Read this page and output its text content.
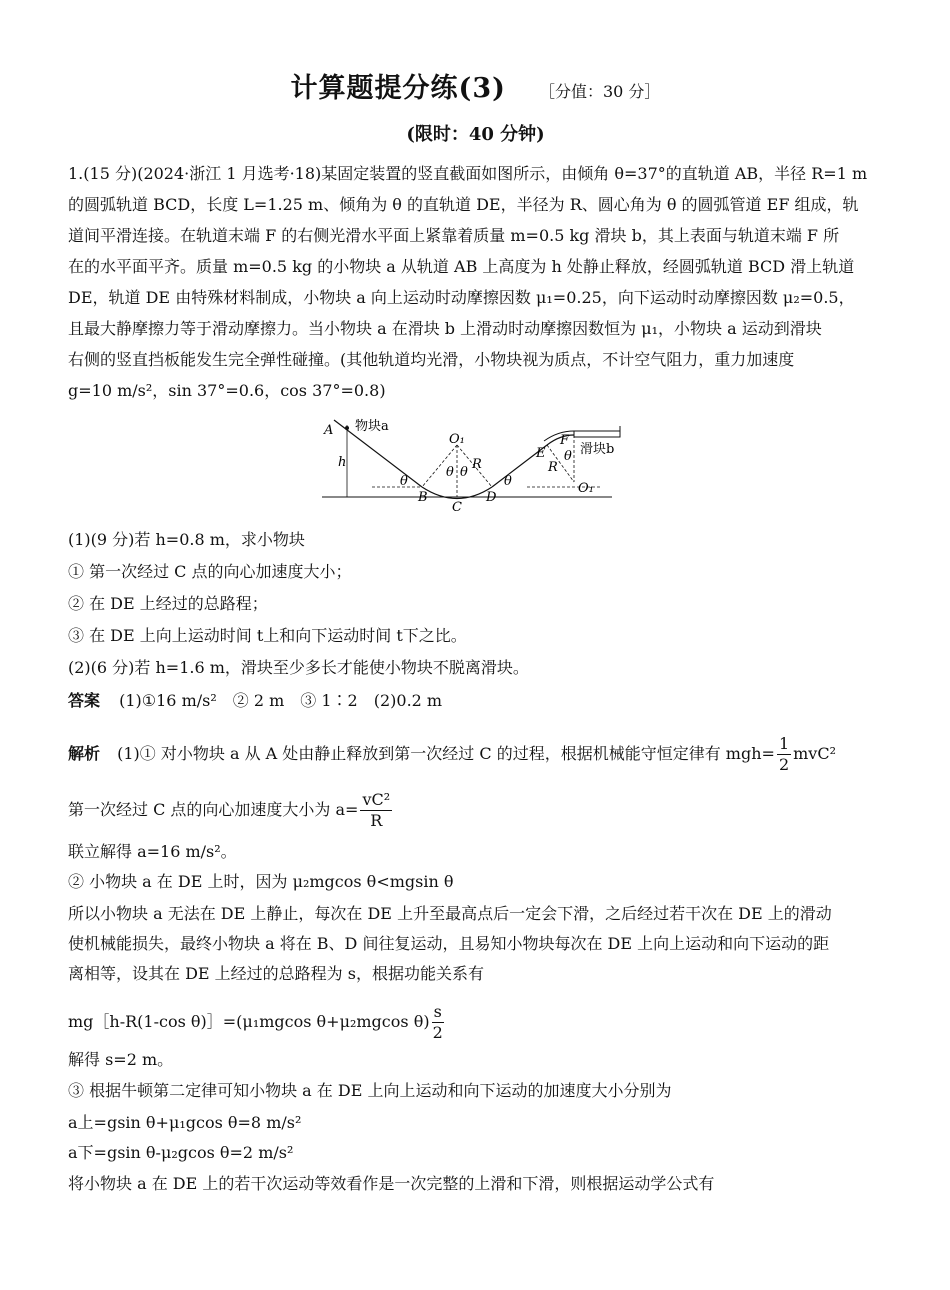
计算题提分练(3) ［分值：30 分］
(限时：40 分钟)
1.(15 分)(2024·浙江 1 月选考·18)某固定装置的竖直截面如图所示，由倾角 θ=37°的直轨道 AB，半径 R=1 m
的圆弧轨道 BCD，长度 L=1.25 m、倾角为 θ 的直轨道 DE，半径为 R、圆心角为 θ 的圆弧管道 EF 组成，轨
道间平滑连接。在轨道末端 F 的右侧光滑水平面上紧靠着质量 m=0.5 kg 滑块 b，其上表面与轨道末端 F 所
在的水平面平齐。质量 m=0.5 kg 的小物块 a 从轨道 AB 上高度为 h 处静止释放，经圆弧轨道 BCD 滑上轨道
DE，轨道 DE 由特殊材料制成，小物块 a 向上运动时动摩擦因数 μ₁=0.25，向下运动时动摩擦因数 μ₂=0.5，
且最大静摩擦力等于滑动摩擦力。当小物块 a 在滑块 b 上滑动时动摩擦因数恒为 μ₁，小物块 a 运动到滑块
右侧的竖直挡板能发生完全弹性碰撞。(其他轨道均光滑，小物块视为质点，不计空气阻力，重力加速度
g=10 m/s²，sin 37°=0.6，cos 37°=0.8)
A 物块a
h
O₁
θ θ
R
θ
B
C
D
θ
E
F
θ 滑块b
R
O₁
(1)(9 分)若 h=0.8 m，求小物块
① 第一次经过 C 点的向心加速度大小；
② 在 DE 上经过的总路程；
③ 在 DE 上向上运动时间 t上和向下运动时间 t下之比。
(2)(6 分)若 h=1.6 m，滑块至少多长才能使小物块不脱离滑块。
答案 (1)①16 m/s²　② 2 m　③ 1∶2　(2)0.2 m
解析 (1)① 对小物块 a 从 A 处由静止释放到第一次经过 C 的过程，根据机械能守恒定律有 $mgh= \frac{1}{2} mvC^2$
第一次经过 C 点的向心加速度大小为 $a= \frac{\text{vC²}}{R}$
联立解得 a=16 m/s²。
② 小物块 a 在 DE 上时，因为 μ₂mgcos θ<mgsin θ
所以小物块 a 无法在 DE 上静止，每次在 DE 上升至最高点后一定会下滑，之后经过若干次在 DE 上的滑动
使机械能损失，最终小物块 a 将在 B、D 间往复运动，且易知小物块每次在 DE 上向上运动和向下运动的距
离相等，设其在 DE 上经过的总路程为 s，根据功能关系有
mg［h-R(1-cos θ)］=(μ₁mgcos θ+μ₂mgcos $\theta) \frac{s}{2}$
解得 s=2 m。
③ 根据牛顿第二定律可知小物块 a 在 DE 上向上运动和向下运动的加速度大小分别为
a上=gsin θ+μ₁gcos θ=8 m/s²
a下=gsin θ-μ₂gcos θ=2 m/s²
将小物块 a 在 DE 上的若干次运动等效看作是一次完整的上滑和下滑，则根据运动学公式有
